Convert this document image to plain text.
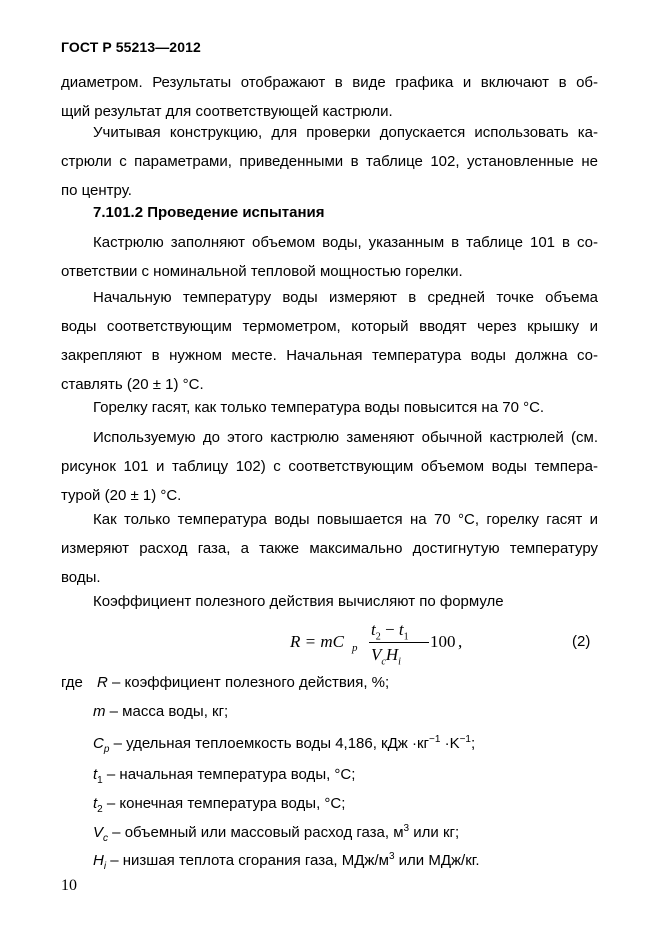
ГОСТ Р 55213—2012
диаметром. Результаты отображают в виде графика и включают в об-
щий результат для соответствующей кастрюли.
Учитывая конструкцию, для проверки допускается использовать ка-
стрюли с параметрами, приведенными в таблице 102, установленные не
по центру.
7.101.2 Проведение испытания
Кастрюлю заполняют объемом воды, указанным в таблице 101 в со-
ответствии с номинальной тепловой мощностью горелки.
Начальную температуру воды измеряют в средней точке объема
воды соответствующим термометром, который вводят через крышку и
закрепляют в нужном месте. Начальная температура воды должна со-
ставлять (20 ± 1) °С.
Горелку гасят, как только температура воды повысится на 70 °С.
Используемую до этого кастрюлю заменяют обычной кастрюлей (см.
рисунок 101 и таблицу 102) с соответствующим объемом воды темпера-
турой (20 ± 1) °С.
Как только температура воды повышается на 70 °С, горелку гасят и
измеряют расход газа, а также максимально достигнутую температуру
воды.
Коэффициент полезного действия вычисляют по формуле
R = mC p
$t_2 - t_1$
$V_cH_i$
100 ,	(2)
где R – коэффициент полезного действия, %;
m – масса воды, кг;
$C_p$ – удельная теплоемкость воды 4,186, кДж $\cdot кг^{-1} \cdot K^{-1}$;
$t_1$ – начальная температура воды, °С;
$t_2$ – конечная температура воды, °С;
$V_c$ – объемный или массовый расход газа, $м^3$ или кг;
$H_i$ – низшая теплота сгорания газа, МДж/$м^3$ или МДж/кг.
10
